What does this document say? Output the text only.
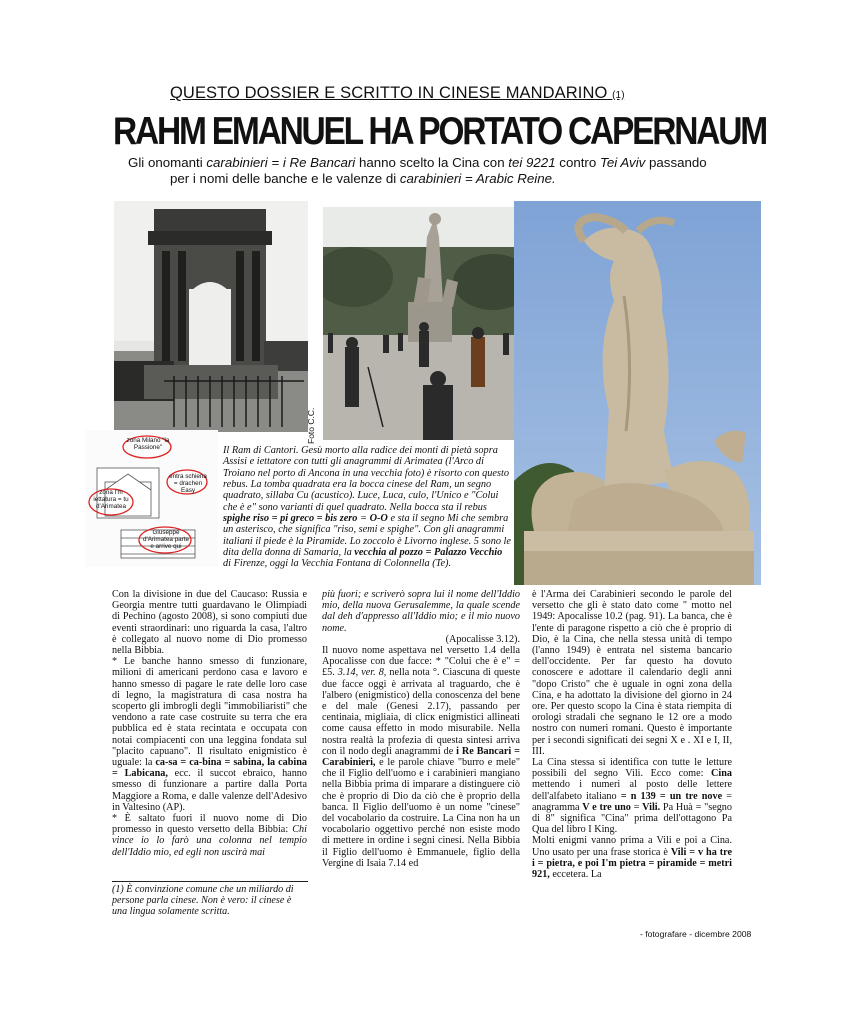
QUESTO DOSSIER E SCRITTO IN CINESE MANDARINO (1)
RAHM EMANUEL HA PORTATO CAPERNAUM
Gli onomanti carabinieri = i Re Bancari hanno scelto la Cina con tei 9221 contro Tei Aviv passando
per i nomi delle banche e le valenze di carabinieri = Arabic Reine.
Foto C.C.
zona Milano "la Passione"
entra schiena = drachen Easy
zona I'm iettatura = tu d'Arimatea
Giuseppe d'Arimatea parte e arrive qui
Il Ram di Cantori. Gesù morto alla radice dei monti di pietà sopra Assisi e iettatore con tutti gli anagrammi di Arimatea (l'Arco di Troiano nel porto di Ancona in una vecchia foto) è risorto con questo rebus. La tomba quadrata era la bocca cinese del Ram, un segno quadrato, sillaba Cu (acustico). Luce, Luca, culo, l'Unico e "Colui che è e" sono varianti di quel quadrato. Nella bocca sta il rebus spighe riso = pi greco = bis zero = O-O e sta il segno Mi che sembra un asterisco, che significa "riso, semi e spighe". Con gli anagrammi italiani il piede è la Piramide. Lo zoccolo è Livorno inglese. 5 sono le dita della donna di Samaria, la vecchia al pozzo = Palazzo Vecchio di Firenze, oggi la Vecchia Fontana di Colonnella (Te).

Con la divisione in due del Caucaso: Russia e Georgia mentre tutti guardavano le Olimpiadi di Pechino (agosto 2008), si sono compiuti due eventi straordinari: uno riguarda la casa, l'altro è collegato al nuovo nome di Dio promesso nella Bibbia.

* Le banche hanno smesso di funzionare, milioni di americani perdono casa e lavoro e hanno smesso di pagare le rate delle loro case di legno, la magistratura di casa nostra ha scoperto gli imbrogli degli "immobiliaristi" che vendono a rate case costruite su terra che era pubblica ed è stata recintata e occupata con notai compiacenti con una leggina fondata sul "placito capuano". Il risultato enigmistico è uguale: la ca-sa = ca-bina = sabina, la cabina = Labicana, ecc. il succot ebraico, hanno smesso di funzionare a partire dalla Porta Maggiore a Roma, e dalle valenze dell'Adesivo in Valtesino (AP).

* È saltato fuori il nuovo nome di Dio promesso in questo versetto della Bibbia: Chi vince io lo farò una colonna nel tempio dell'Iddio mio, ed egli non uscirà mai

(1) È convinzione comune che un miliardo di persone parla cinese. Non è vero: il cinese è una lingua solamente scritta.

più fuori; e scriverò sopra lui il nome dell'Iddio mio, della nuova Gerusalemme, la quale scende dal deh d'appresso all'Iddio mio; e il mio nuovo nome.

(Apocalisse 3.12).

Il nuovo nome aspettava nel versetto 1.4 della Apocalisse con due facce: * "Colui che è e" = £5. 3.14, ver. 8, nella nota °. Ciascuna di queste due facce oggi è arrivata al traguardo, che è l'albero (enigmistico) della conoscenza del bene e del male (Genesi 2.17), passando per centinaia, migliaia, di clicк enigmistici allineati come causa effetto in modo misurabile. Nella nostra realtà la profezia di questa sintesi arriva con il nodo degli anagrammi de i Re Bancari = Carabinieri, e le parole chiave "burro e mele" che il Figlio dell'uomo e i carabinieri mangiano nella Bibbia prima di imparare a distinguere ciò che è proprio di Dio da ciò che è proprio della banca. Il Figlio dell'uomo è un nome "cinese" del vocabolario da costruire. La Cina non ha un vocabolario oggettivo perché non esiste modo di mettere in ordine i segni cinesi. Nella Bibbia il Figlio dell'uomo è Emmanuele, figlio della Vergine di Isaia 7.14 ed

è l'Arma dei Carabinieri secondo le parole del versetto che gli è stato dato come " motto nel 1949: Apocalisse 10.2 (pag. 91). La banca, che è l'ente di paragone rispetto a ciò che è proprio di Dio, è la Cina, che nella stessa unità di tempo (l'anno 1949) è entrata nel sistema bancario dell'occidente. Per far questo ha dovuto conoscere e adottare il calendario degli anni "dopo Cristo" che è uguale in ogni zona della Cina, e ha adottato la divisione del giorno in 24 ore. Per questo scopo la Cina è stata riempita di orologi stradali che segnano le 12 ore a modo nostro con numeri romani. Questo è importante per i secondi significati dei segni X e . XI e I, II, III.

La Cina stessa si identifica con tutte le letture possibili del segno Vili. Ecco come: Cina mettendo i numeri al posto delle lettere dell'alfabeto italiano = n 139 = un tre nove = anagramma V e tre uno = Vili. Pa Huà = "segno di 8" significa "Cina" prima dell'ottagono Pa Qua del libro I King.

Molti enigmi vanno prima a Vili e poi a Cina. Uno usato per una frase storica è Vili = v ha tre i = pietra, e poi I'm pietra = piramide = metri 921, eccetera. La

- fotografare - dicembre 2008
